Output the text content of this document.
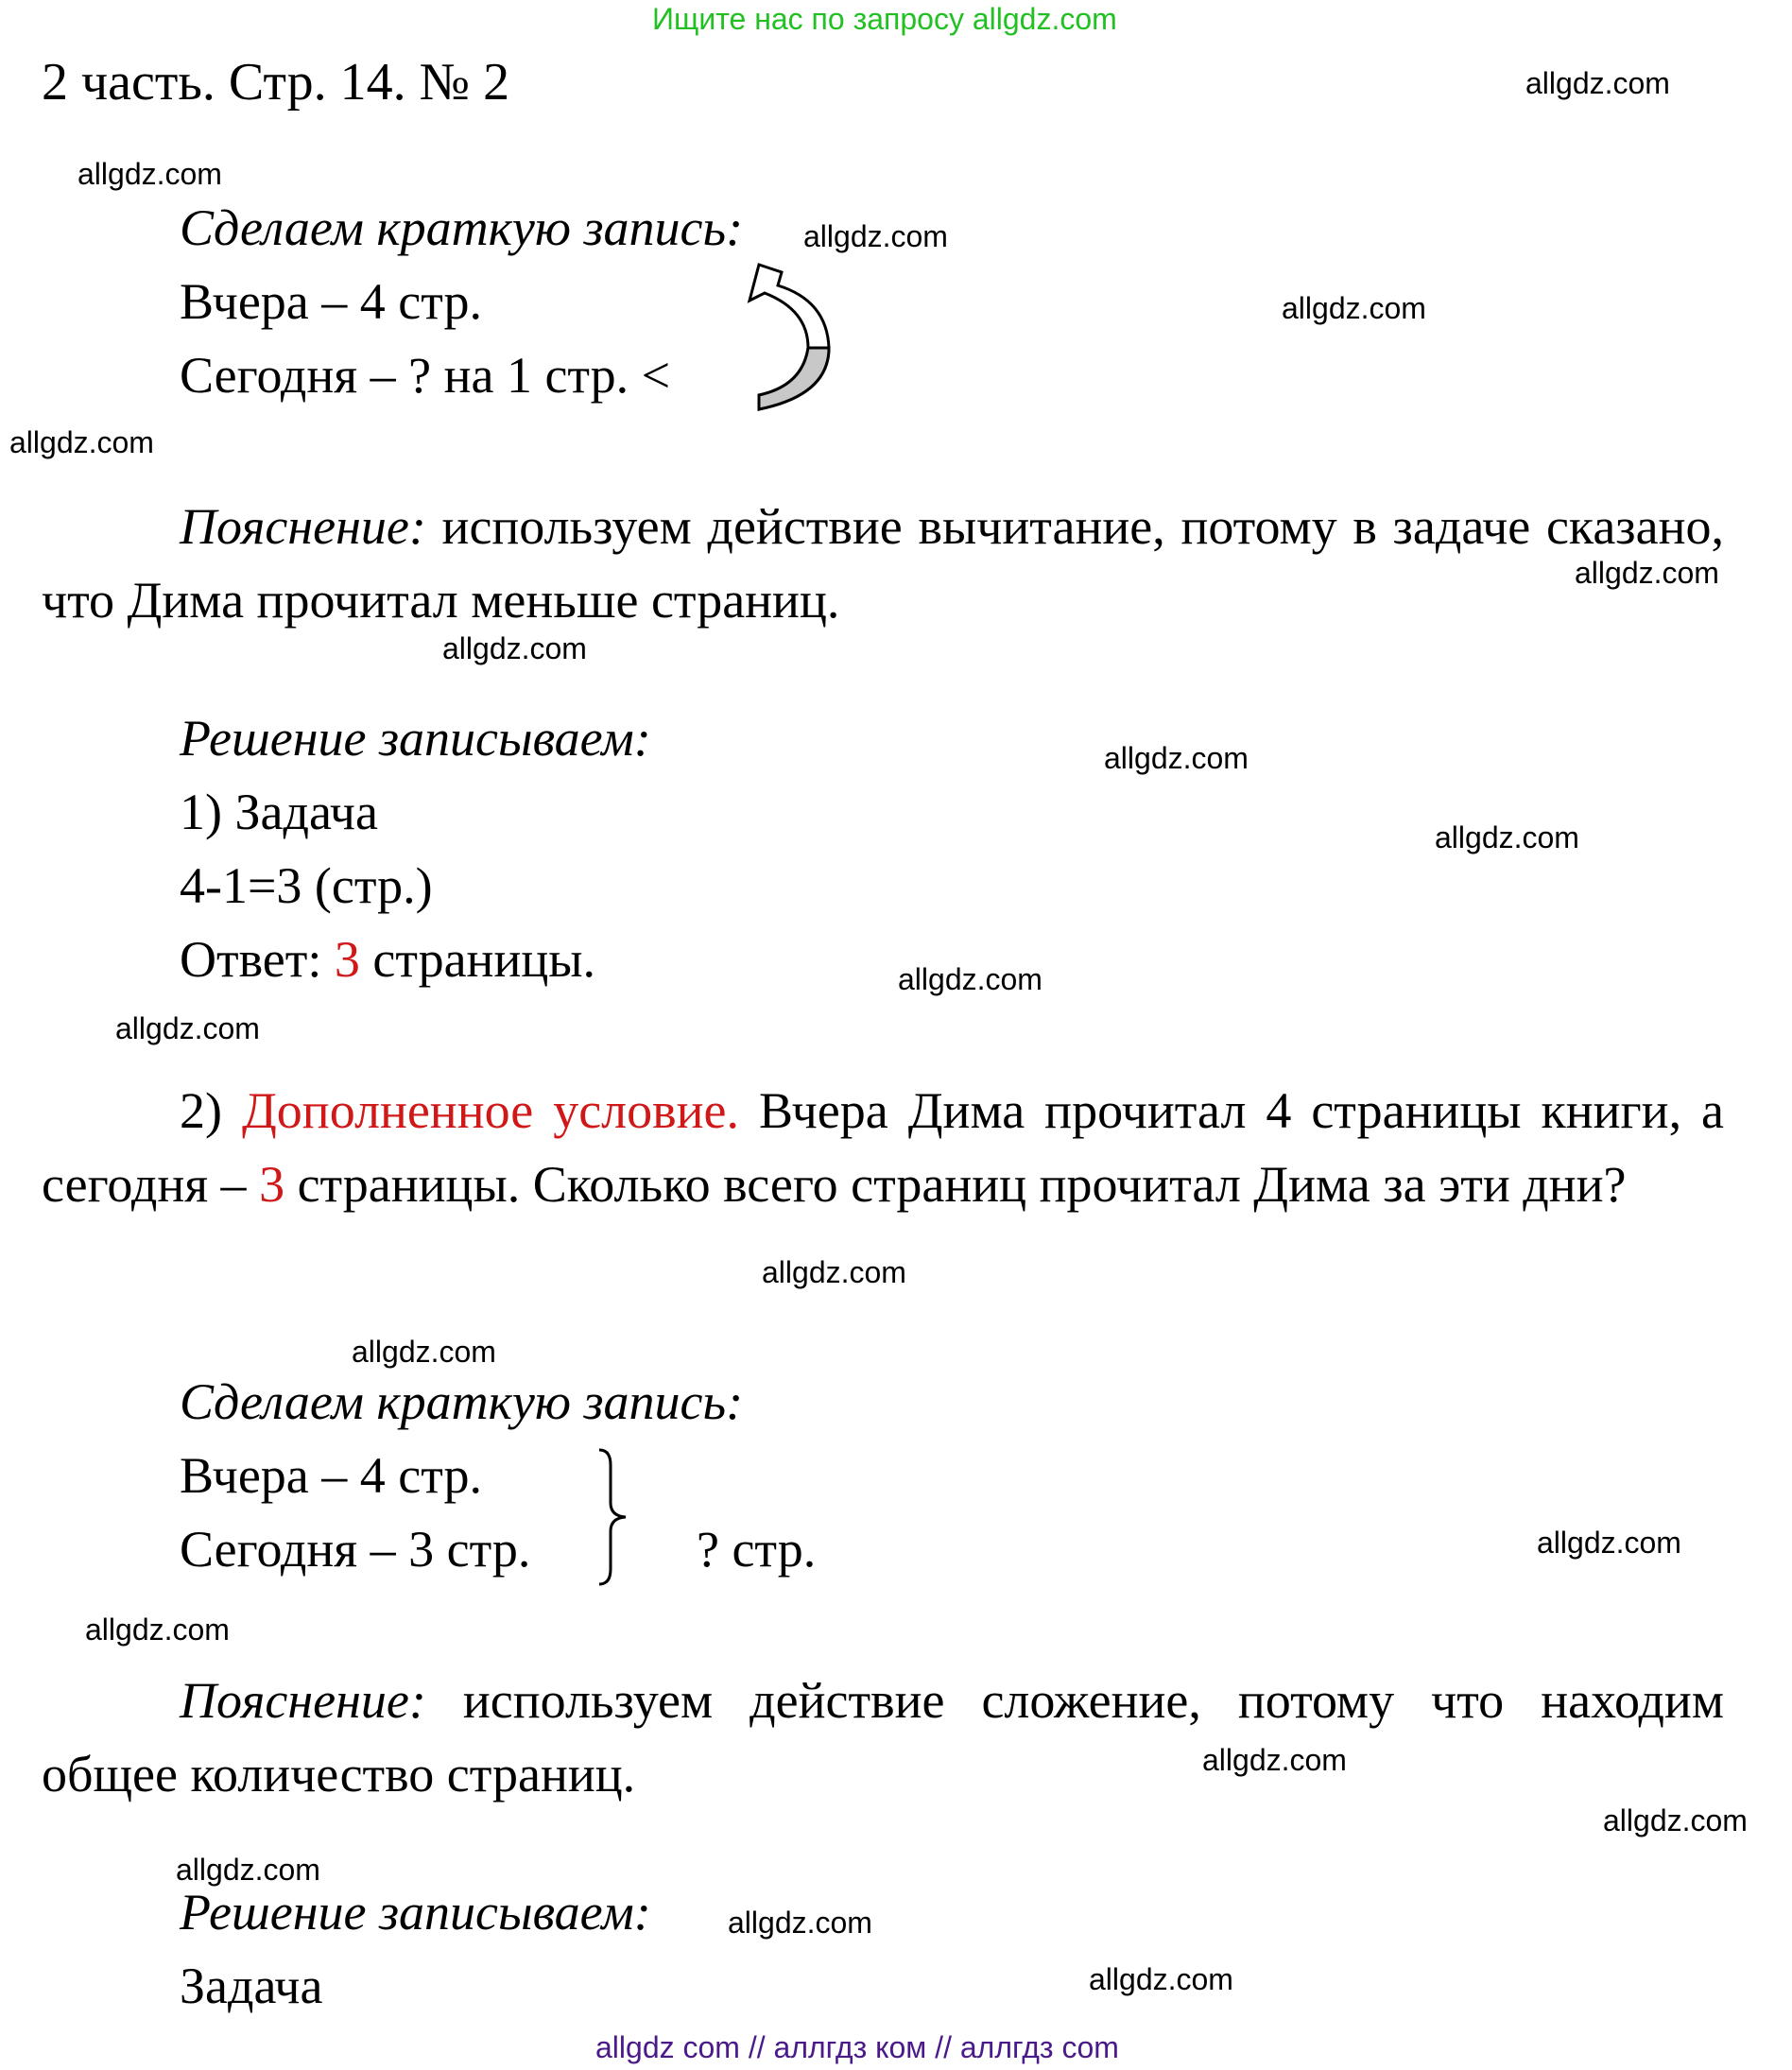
Ищите нас по запросу allgdz.com
2 часть. Стр. 14. № 2
Сделаем краткую запись:
Вчера – 4 стр.
Сегодня – ? на 1 стр. <
Пояснение: используем действие вычитание, потому в задаче сказано, что Дима прочитал меньше страниц.
Решение записываем:
1) Задача
4-1=3 (стр.)
Ответ: 3 страницы.
2) Дополненное условие. Вчера Дима прочитал 4 страницы книги, а сегодня – 3 страницы. Сколько всего страниц прочитал Дима за эти дни?
Сделаем краткую запись:
Вчера – 4 стр.
Сегодня – 3 стр.	? стр.
Пояснение: используем действие сложение, потому что находим общее количество страниц.
Решение записываем:
Задача
allgdz.com
allgdz.com
allgdz.com
allgdz.com
allgdz.com
allgdz.com
allgdz.com
allgdz.com
allgdz.com
allgdz.com
allgdz.com
allgdz.com
allgdz.com
allgdz.com
allgdz.com
allgdz.com
allgdz.com
allgdz.com
allgdz.com
allgdz.com
allgdz com // аллгдз ком // аллгдз com
